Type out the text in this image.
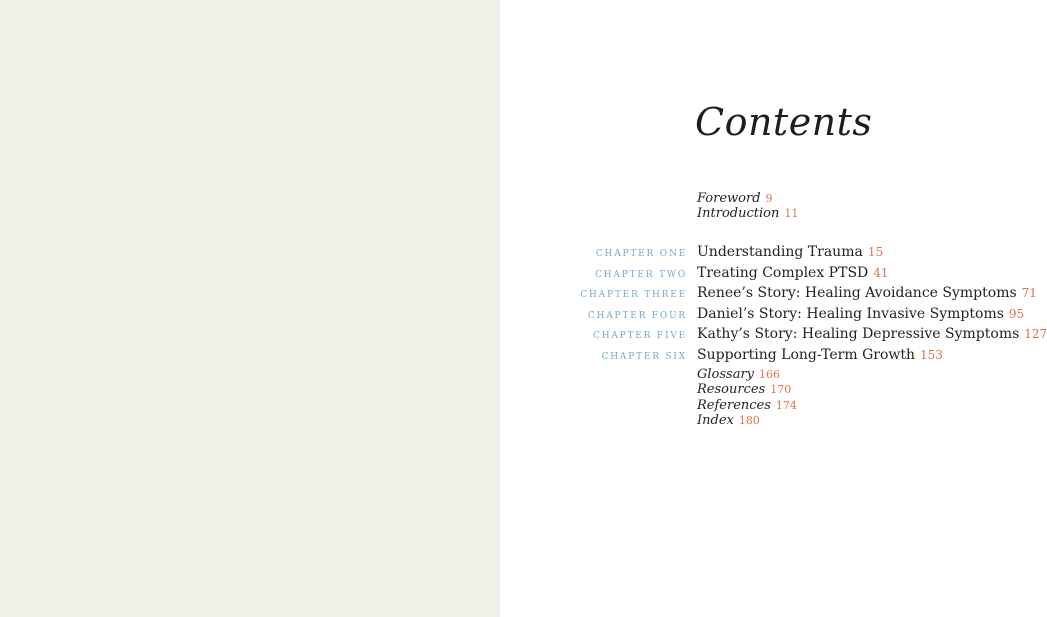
Contents
Foreword 9
Introduction 11
CHAPTER ONE Understanding Trauma 15
CHAPTER TWO Treating Complex PTSD 41
CHAPTER THREE Renee’s Story: Healing Avoidance Symptoms 71
CHAPTER FOUR Daniel’s Story: Healing Invasive Symptoms 95
CHAPTER FIVE Kathy’s Story: Healing Depressive Symptoms 127
CHAPTER SIX Supporting Long-Term Growth 153
Glossary 166
Resources 170
References 174
Index 180
